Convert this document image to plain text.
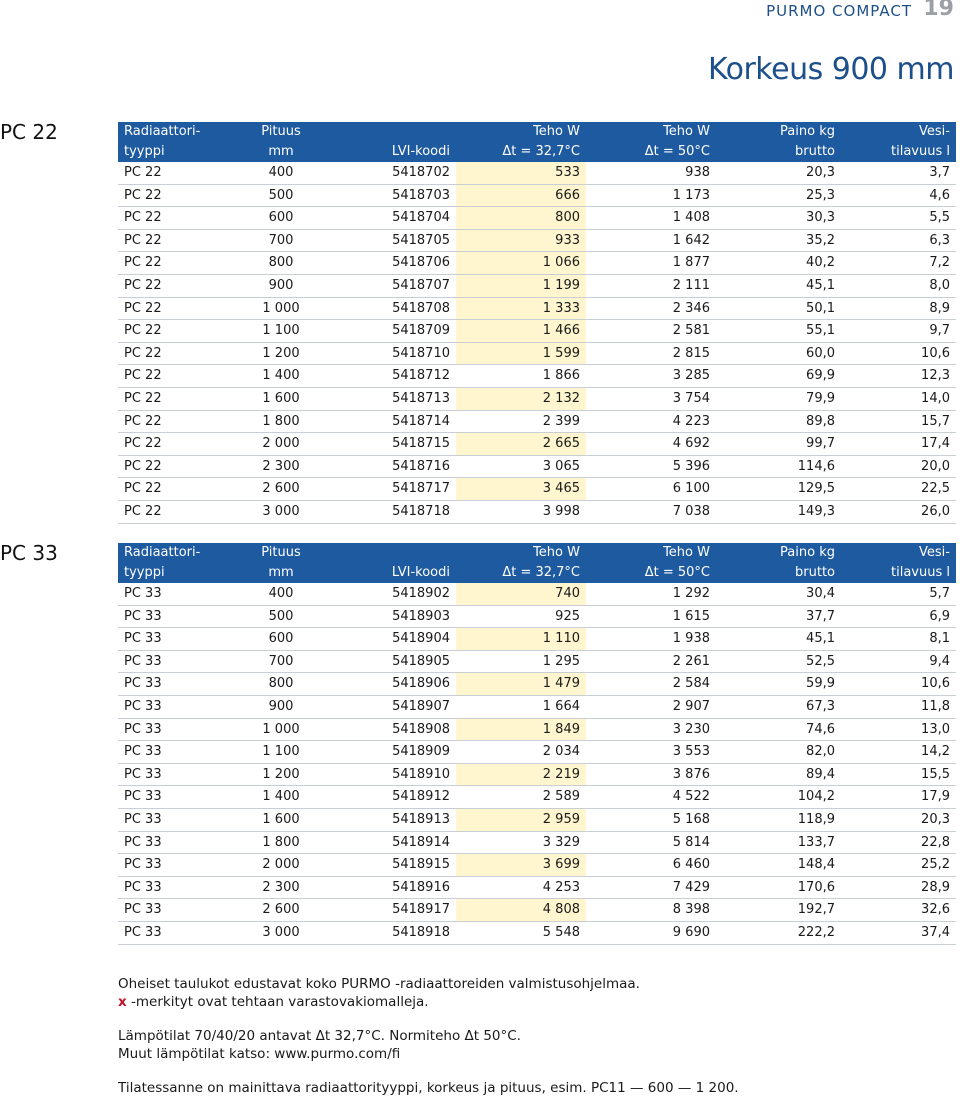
PURMO COMPACT 19
Korkeus 900 mm
PC 22	Radiaattori-	Pituus		Teho W	Teho W	Paino kg	Vesi-
tyyppi	mm	LVI-koodi	Δt = 32,7°C	Δt = 50°C	brutto	tilavuus l
PC 22	400	5418702	533	938	20,3	3,7
PC 22	500	5418703	666	1 173	25,3	4,6
PC 22	600	5418704	800	1 408	30,3	5,5
PC 22	700	5418705	933	1 642	35,2	6,3
PC 22	800	5418706	1 066	1 877	40,2	7,2
PC 22	900	5418707	1 199	2 111	45,1	8,0
PC 22	1 000	5418708	1 333	2 346	50,1	8,9
PC 22	1 100	5418709	1 466	2 581	55,1	9,7
PC 22	1 200	5418710	1 599	2 815	60,0	10,6
PC 22	1 400	5418712	1 866	3 285	69,9	12,3
PC 22	1 600	5418713	2 132	3 754	79,9	14,0
PC 22	1 800	5418714	2 399	4 223	89,8	15,7
PC 22	2 000	5418715	2 665	4 692	99,7	17,4
PC 22	2 300	5418716	3 065	5 396	114,6	20,0
PC 22	2 600	5418717	3 465	6 100	129,5	22,5
PC 22	3 000	5418718	3 998	7 038	149,3	26,0
PC 33	Radiaattori-	Pituus		Teho W	Teho W	Paino kg	Vesi-
tyyppi	mm	LVI-koodi	Δt = 32,7°C	Δt = 50°C	brutto	tilavuus l
PC 33	400	5418902	740	1 292	30,4	5,7
PC 33	500	5418903	925	1 615	37,7	6,9
PC 33	600	5418904	1 110	1 938	45,1	8,1
PC 33	700	5418905	1 295	2 261	52,5	9,4
PC 33	800	5418906	1 479	2 584	59,9	10,6
PC 33	900	5418907	1 664	2 907	67,3	11,8
PC 33	1 000	5418908	1 849	3 230	74,6	13,0
PC 33	1 100	5418909	2 034	3 553	82,0	14,2
PC 33	1 200	5418910	2 219	3 876	89,4	15,5
PC 33	1 400	5418912	2 589	4 522	104,2	17,9
PC 33	1 600	5418913	2 959	5 168	118,9	20,3
PC 33	1 800	5418914	3 329	5 814	133,7	22,8
PC 33	2 000	5418915	3 699	6 460	148,4	25,2
PC 33	2 300	5418916	4 253	7 429	170,6	28,9
PC 33	2 600	5418917	4 808	8 398	192,7	32,6
PC 33	3 000	5418918	5 548	9 690	222,2	37,4

Oheiset taulukot edustavat koko PURMO -radiaattoreiden valmistusohjelmaa.

x -merkityt ovat tehtaan varastovakiomalleja.

Lämpötilat 70/40/20 antavat Δt 32,7°C. Normiteho Δt 50°C.

Muut lämpötilat katso: www.purmo.com/fi

Tilatessanne on mainittava radiaattorityyppi, korkeus ja pituus, esim. PC11 — 600 — 1 200.
